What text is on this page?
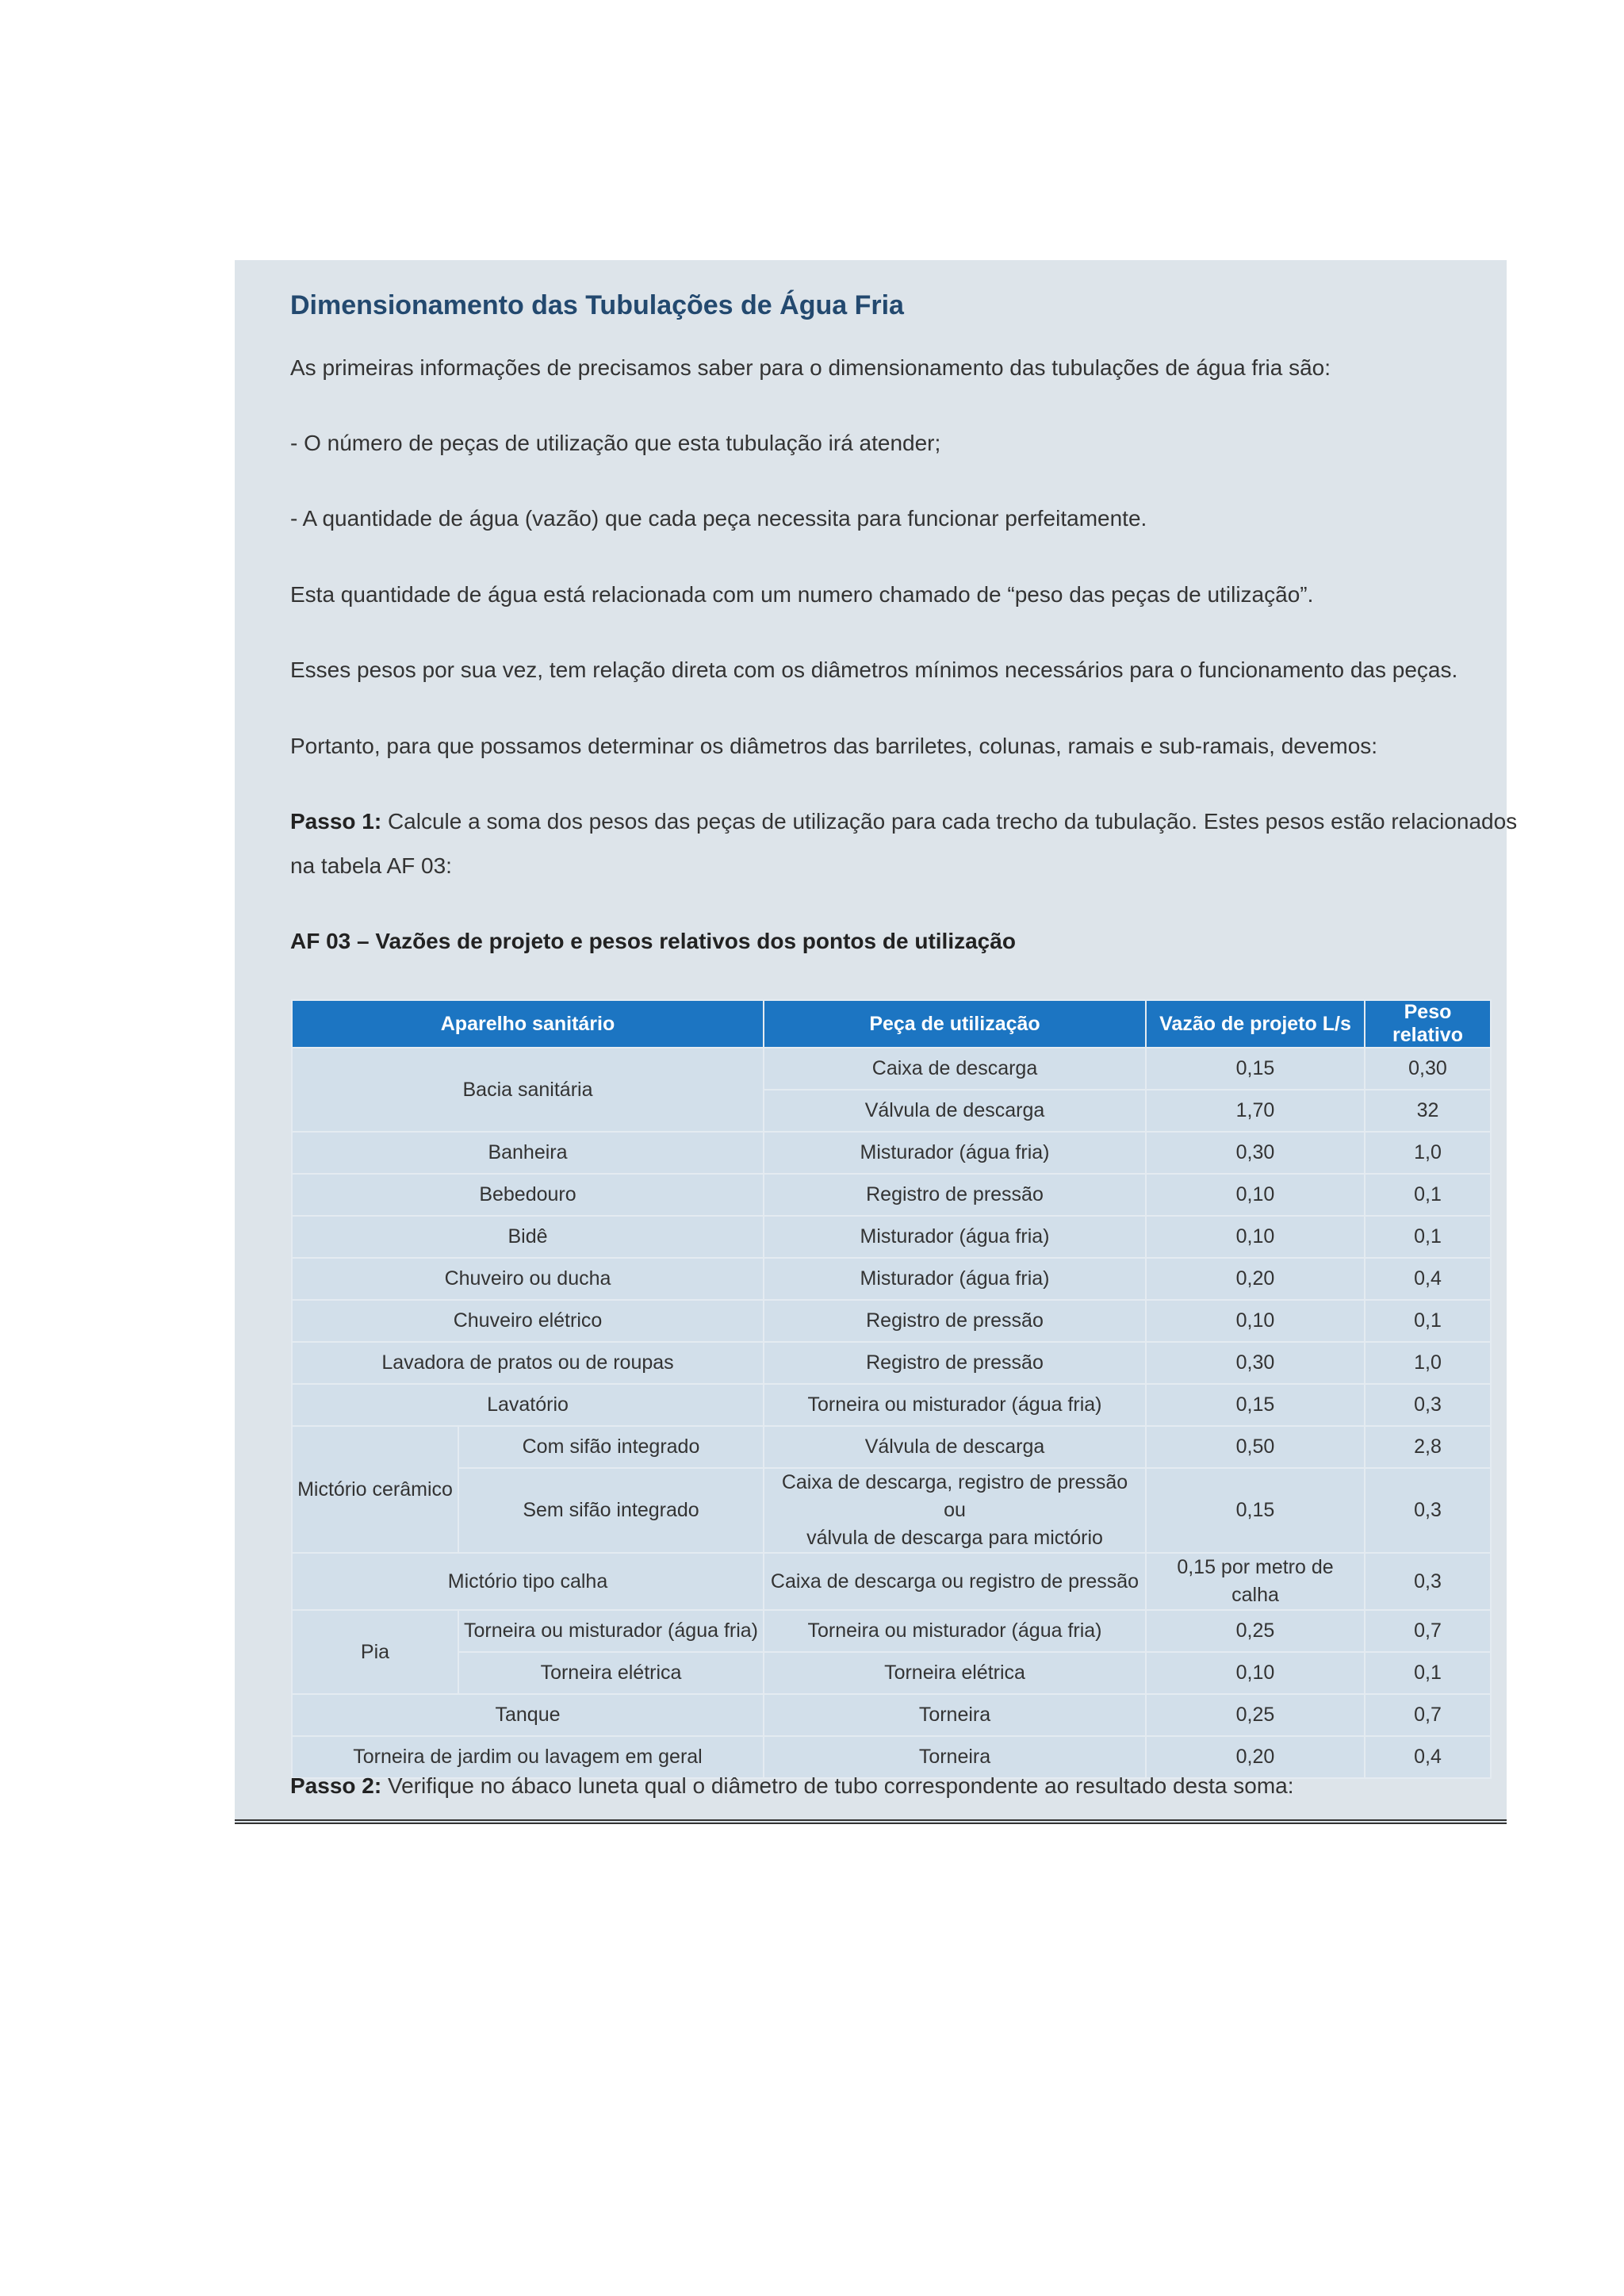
Dimensionamento das Tubulações de Água Fria
As primeiras informações de precisamos saber para o dimensionamento das tubulações de água fria são:
- O número de peças de utilização que esta tubulação irá atender;
- A quantidade de água (vazão) que cada peça necessita para funcionar perfeitamente.
Esta quantidade de água está relacionada com um numero chamado de “peso das peças de utilização”.
Esses pesos por sua vez, tem relação direta com os diâmetros mínimos necessários para o funcionamento das peças.
Portanto, para que possamos determinar os diâmetros das barriletes, colunas, ramais e sub-ramais, devemos:
Passo 1: Calcule a soma dos pesos das peças de utilização para cada trecho da tubulação. Estes pesos estão relacionados
na tabela AF 03:
AF 03 – Vazões de projeto e pesos relativos dos pontos de utilização
Aparelho sanitário		Peça de utilização	Vazão de projeto L/s	Peso relativo
Bacia sanitária		Caixa de descarga	0,15	0,30
		Válvula de descarga	1,70	32
Banheira		Misturador (água fria)	0,30	1,0
Bebedouro		Registro de pressão	0,10	0,1
Bidê		Misturador (água fria)	0,10	0,1
Chuveiro ou ducha		Misturador (água fria)	0,20	0,4
Chuveiro elétrico		Registro de pressão	0,10	0,1
Lavadora de pratos ou de roupas		Registro de pressão	0,30	1,0
Lavatório		Torneira ou misturador (água fria)	0,15	0,3
Mictório cerâmico	Com sifão integrado	Válvula de descarga	0,50	2,8
	Sem sifão integrado	Caixa de descarga, registro de pressão ou
válvula de descarga para mictório	0,15	0,3
Mictório tipo calha		Caixa de descarga ou registro de pressão	0,15 por metro de calha	0,3
Pia	Torneira ou misturador (água fria)	Torneira ou misturador (água fria)	0,25	0,7
	Torneira elétrica	Torneira elétrica	0,10	0,1
Tanque		Torneira	0,25	0,7
Torneira de jardim ou lavagem em geral		Torneira	0,20	0,4
Passo 2: Verifique no ábaco luneta qual o diâmetro de tubo correspondente ao resultado desta soma:
